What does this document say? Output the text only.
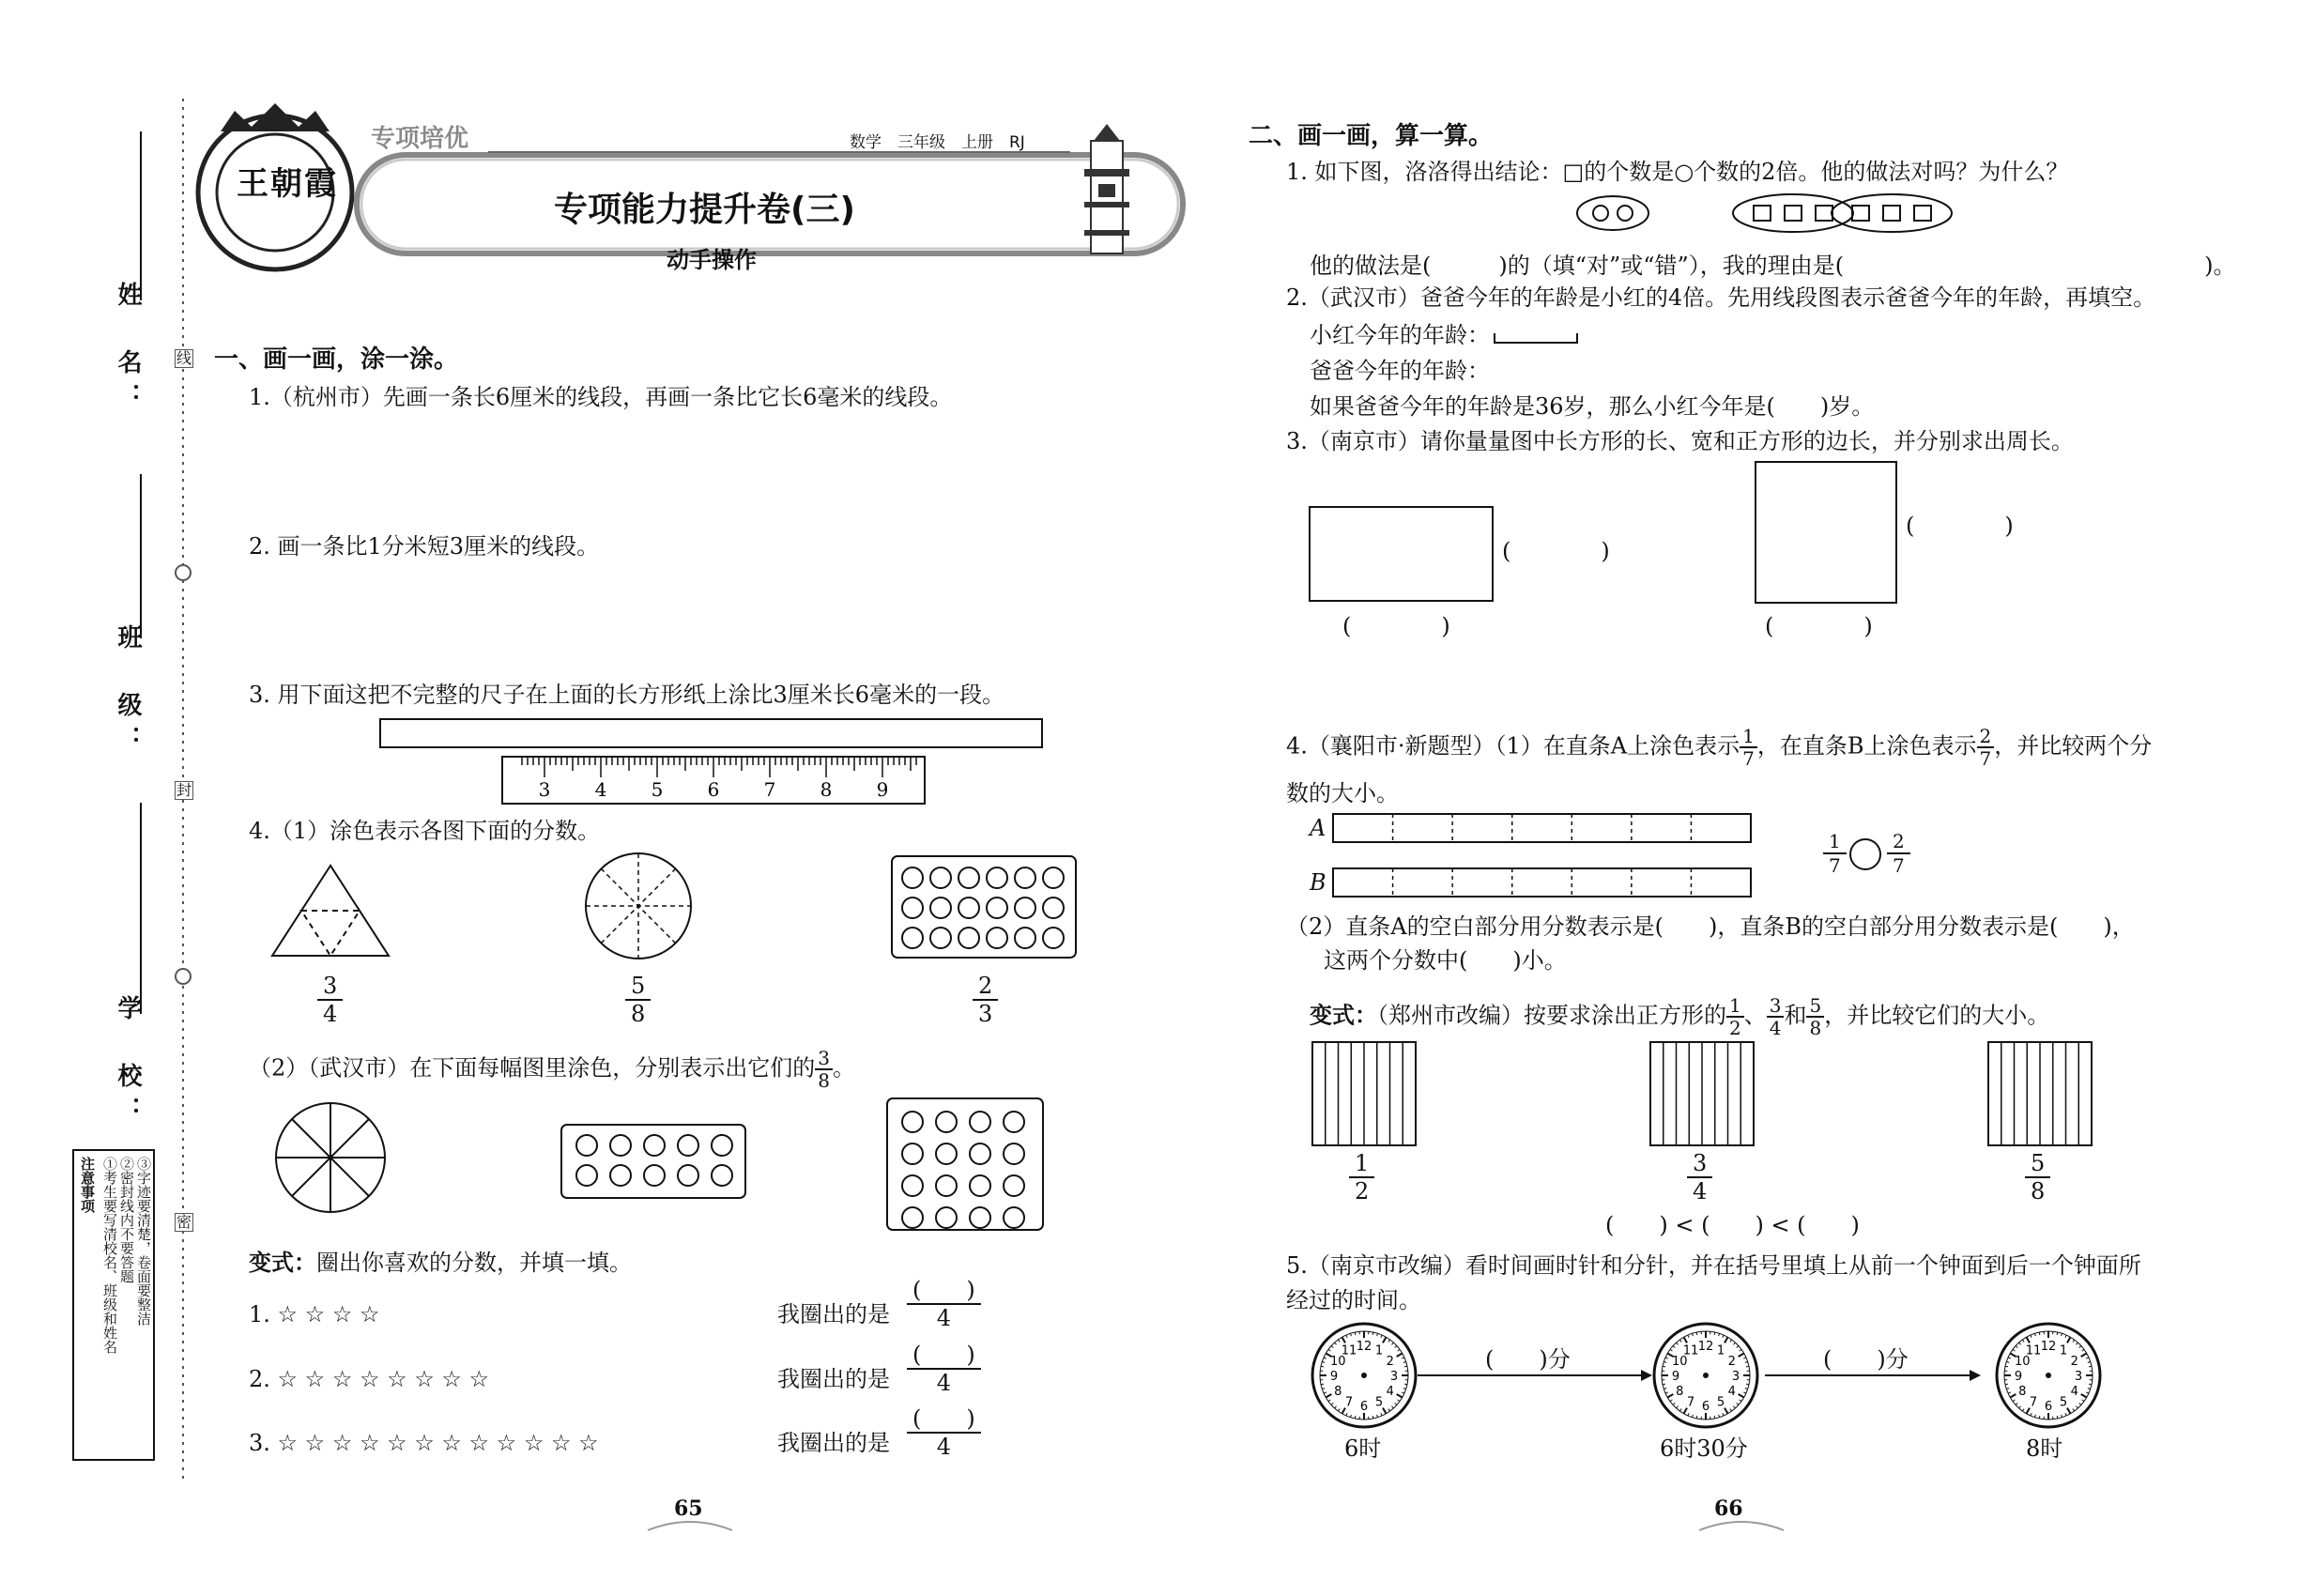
3 4 5 6 7 8 9
1
2
3
4
5
6
7
8
9
10
11 12	1
2
3
4
5
6
7
8
9
10
11 12	1
2
3
4
5
6
7
8
9
10
11 12
姓　名：
班　级：
学　校：
线
封
密
注意事项 ①考生要写清校名、班级和姓名 ②密封线内不要答题 ③字迹要清楚，卷面要整洁
王朝霞
专项培优	数学　三年级　上册　RJ
专项能力提升卷(三)
动手操作
一、画一画，涂一涂。
1.（杭州市）先画一条长6厘米的线段，再画一条比它长6毫米的线段。
2. 画一条比1分米短3厘米的线段。
3. 用下面这把不完整的尺子在上面的长方形纸上涂比3厘米长6毫米的一段。
4.（1）涂色表示各图下面的分数。
3
4
5
8
2
3
（2）（武汉市）在下面每幅图里涂色，分别表示出它们的 $\frac{3}{8}$ 。
变式：圈出你喜欢的分数，并填一填。
1. ☆ ☆ ☆ ☆
2. ☆ ☆ ☆ ☆ ☆ ☆ ☆ ☆
3. ☆ ☆ ☆ ☆ ☆ ☆ ☆ ☆ ☆ ☆ ☆ ☆
我圈出的是
(　　)
4
我圈出的是
(　　)
4
我圈出的是
(　　)
4
65
二、画一画，算一算。
1. 如下图，洛洛得出结论：□的个数是○个数的2倍。他的做法对吗？为什么？
他的做法是(　　　)的（填“对”或“错”），我的理由是(　　　　　　　　　　　　　　　　)。
2.（武汉市）爸爸今年的年龄是小红的4倍。先用线段图表示爸爸今年的年龄，再填空。
小红今年的年龄：
爸爸今年的年龄：
如果爸爸今年的年龄是36岁，那么小红今年是(　　)岁。
3.（南京市）请你量量图中长方形的长、宽和正方形的边长，并分别求出周长。
(　　　　)
(　　　　)
(　　　　)
(　　　　)
4.（襄阳市·新题型）（1）在直条A上涂色表示 $\frac{1}{7}$ ，在直条B上涂色表示 $\frac{2}{7}$ ，并比较两个分
数的大小。
A
B
1
7
2
7
（2）直条A的空白部分用分数表示是(　　)，直条B的空白部分用分数表示是(　　)，
这两个分数中(　　)小。
变式：（郑州市改编）按要求涂出正方形的 $\frac{1}{2}$ 、 $\frac{3}{4}$ 和 $\frac{5}{8}$ ，并比较它们的大小。
1
2
3
4
5
8
(　　) < (　　) < (　　)
5.（南京市改编）看时间画时针和分针，并在括号里填上从前一个钟面到后一个钟面所
经过的时间。
(　　)分	(　　)分
6时	6时30分	8时
66
